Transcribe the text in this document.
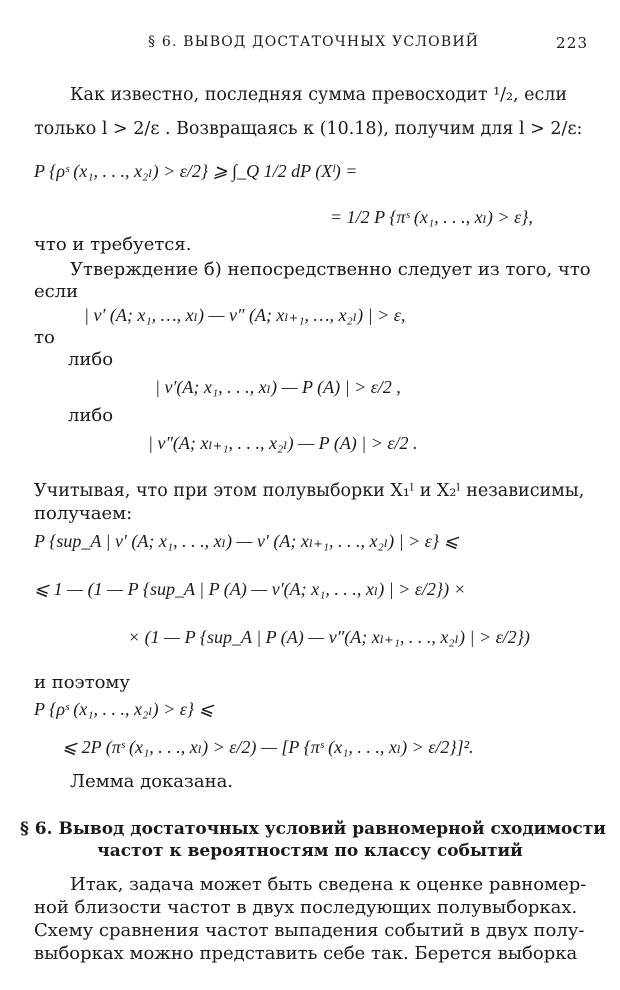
§ 6. ВЫВОД ДОСТАТОЧНЫХ УСЛОВИЙ	223
Как известно, последняя сумма превосходит ¹/₂, если
только l > 2/ε . Возвращаясь к (10.18), получим для l > 2/ε:
P {ρˢ (x₁, . . ., x₂ₗ) > ε/2} ⩾ ∫_Q 1/2 dP (Xˡ) =
= 1/2 P {πˢ (x₁, . . ., xₗ) > ε},
что и требуется.
Утверждение б) непосредственно следует из того, что
если
| ν′ (A; x₁, …, xₗ) — ν″ (A; xₗ₊₁, …, x₂ₗ) | > ε,
то
либо
| ν′(A; x₁, . . ., xₗ) — P (A) | > ε/2 ,
либо
| ν″(A; xₗ₊₁, . . ., x₂ₗ) — P (A) | > ε/2 .
Учитывая, что при этом полувыборки X₁ˡ и X₂ˡ независимы,
получаем:
P {sup_A | ν′ (A; x₁, . . ., xₗ) — ν′ (A; xₗ₊₁, . . ., x₂ₗ) | > ε} ⩽
⩽ 1 — (1 — P {sup_A | P (A) — ν′(A; x₁, . . ., xₗ) | > ε/2}) ×
× (1 — P {sup_A | P (A) — ν″(A; xₗ₊₁, . . ., x₂ₗ) | > ε/2})
и поэтому
P {ρˢ (x₁, . . ., x₂ₗ) > ε} ⩽
⩽ 2P (πˢ (x₁, . . ., xₗ) > ε/2) — [P {πˢ (x₁, . . ., xₗ) > ε/2}]².
Лемма доказана.
§ 6. Вывод достаточных условий равномерной сходимости
частот к вероятностям по классу событий
Итак, задача может быть сведена к оценке равномер-
ной близости частот в двух последующих полувыборках.
Схему сравнения частот выпадения событий в двух полу-
выборках можно представить себе так. Берется выборка
